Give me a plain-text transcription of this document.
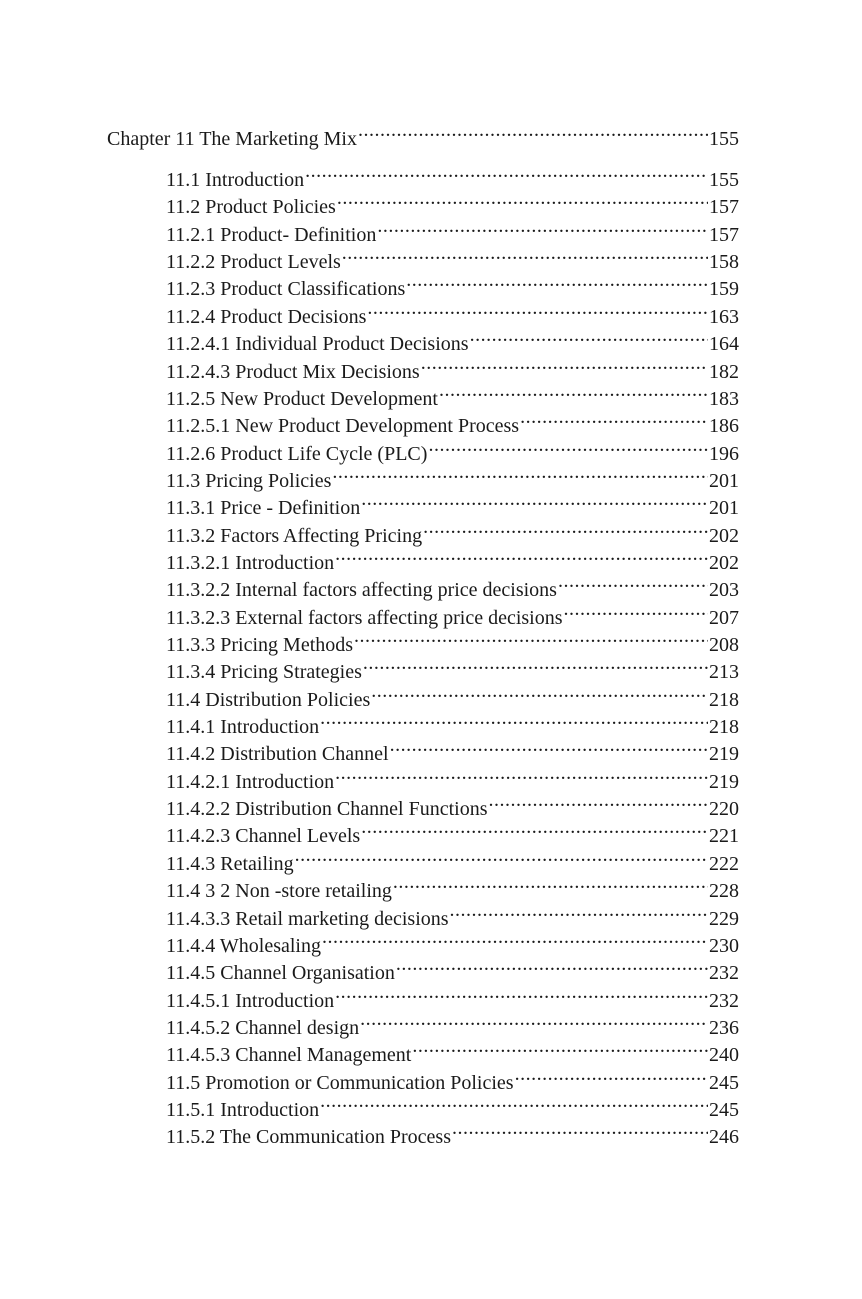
Chapter 11 The Marketing Mix .....	155
11.1 Introduction .....	155
11.2 Product Policies .....	157
11.2.1 Product- Definition .....	157
11.2.2 Product Levels .....	158
11.2.3 Product Classifications .....	159
11.2.4 Product Decisions .....	163
11.2.4.1 Individual Product Decisions .....	164
11.2.4.3 Product Mix Decisions .....	182
11.2.5 New Product Development .....	183
11.2.5.1 New Product Development Process .....	186
11.2.6 Product Life Cycle (PLC) .....	196
11.3 Pricing Policies .....	201
11.3.1 Price - Definition .....	201
11.3.2 Factors Affecting Pricing .....	202
11.3.2.1 Introduction .....	202
11.3.2.2 Internal factors affecting price decisions .....	203
11.3.2.3 External factors affecting price decisions .....	207
11.3.3 Pricing Methods .....	208
11.3.4 Pricing Strategies .....	213
11.4 Distribution Policies .....	218
11.4.1 Introduction .....	218
11.4.2 Distribution Channel .....	219
11.4.2.1 Introduction .....	219
11.4.2.2 Distribution Channel Functions .....	220
11.4.2.3 Channel Levels .....	221
11.4.3 Retailing .....	222
11.4 3 2 Non -store retailing .....	228
11.4.3.3 Retail marketing decisions .....	229
11.4.4 Wholesaling .....	230
11.4.5 Channel Organisation .....	232
11.4.5.1 Introduction .....	232
11.4.5.2 Channel design .....	236
11.4.5.3 Channel Management .....	240
11.5 Promotion or Communication Policies .....	245
11.5.1 Introduction .....	245
11.5.2 The Communication Process .....	246
